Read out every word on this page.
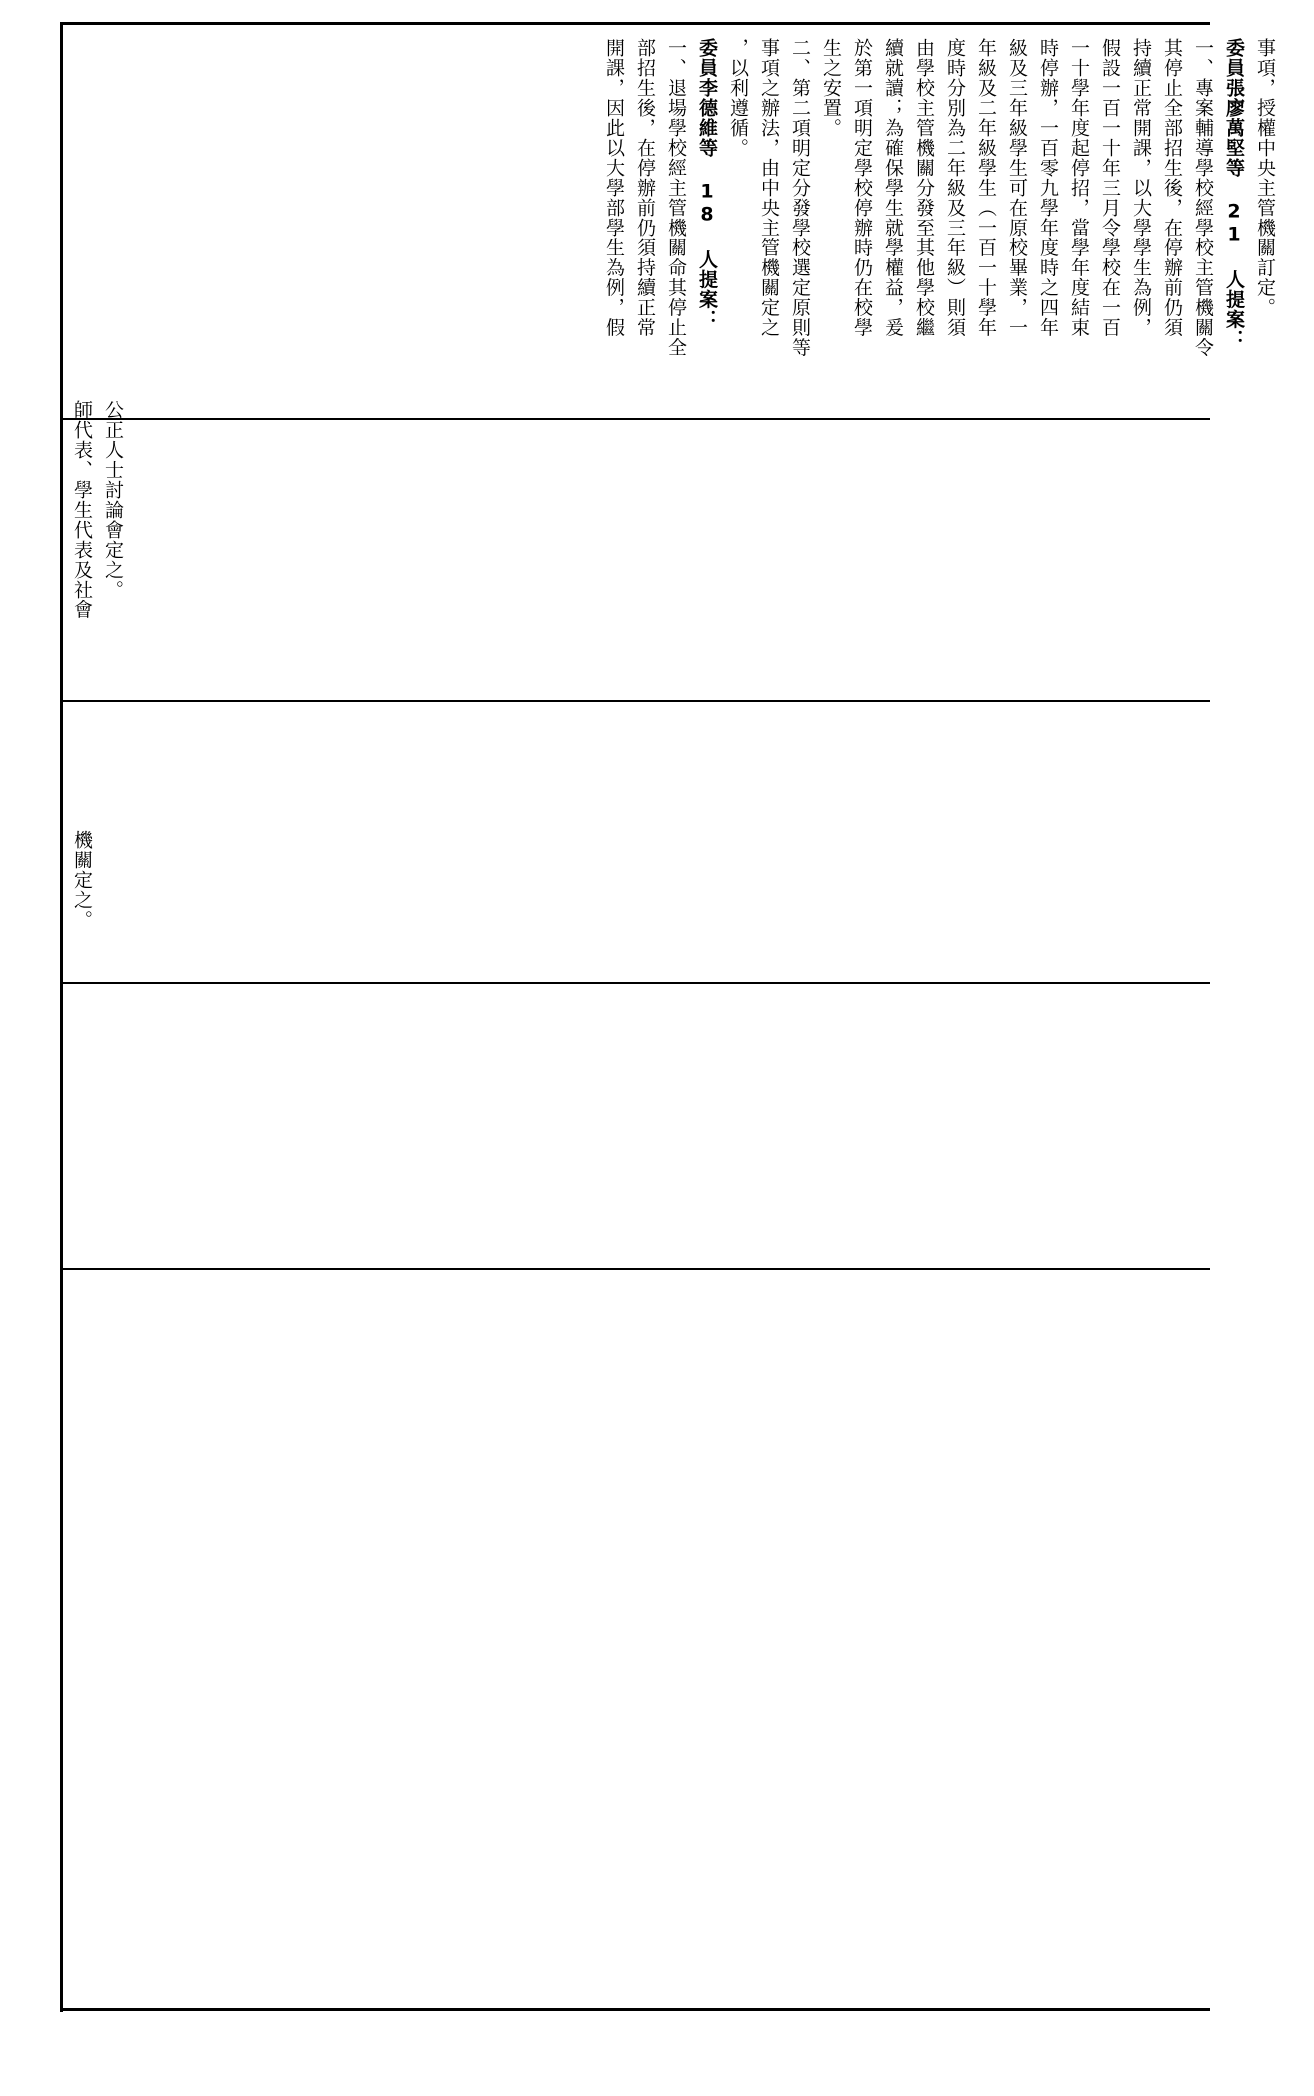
事項，授權中央主管機關訂定。
委員張廖萬堅等 21 人提案：
一、專案輔導學校經學校主管機關令
其停止全部招生後，在停辦前仍須
持續正常開課，以大學學生為例，
假設一百一十年三月令學校在一百
一十學年度起停招，當學年度結束
時停辦，一百零九學年度時之四年
級及三年級學生可在原校畢業，一
年級及二年級學生（一百一十學年
度時分別為二年級及三年級）則須
由學校主管機關分發至其他學校繼
續就讀；為確保學生就學權益，爰
於第一項明定學校停辦時仍在校學
生之安置。
二、第二項明定分發學校選定原則等
事項之辦法，由中央主管機關定之
，以利遵循。
委員李德維等 18 人提案：
一、退場學校經主管機關命其停止全
部招生後，在停辦前仍須持續正常
開課，因此以大學部學生為例，假
師代表、學生代表及社會 公正人士討論會定之。
機關定之。
